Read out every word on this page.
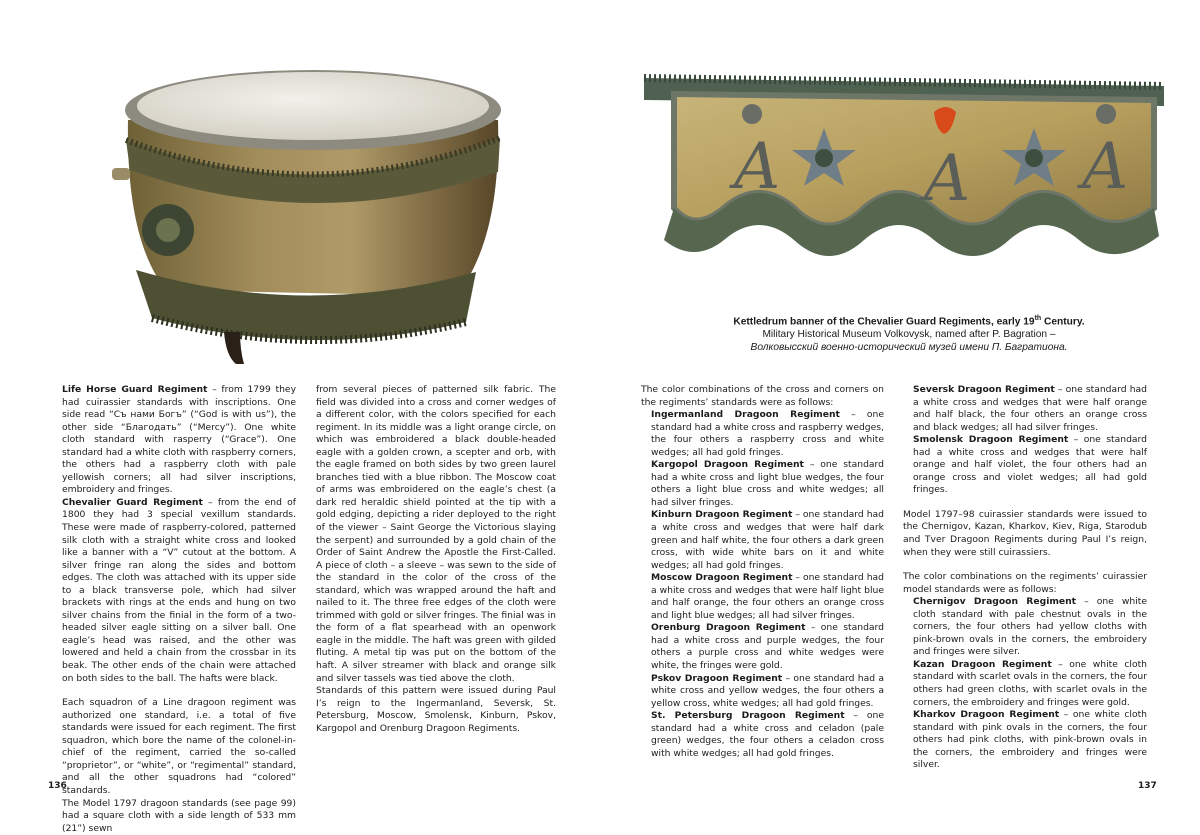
Life Horse Guard Regiment – from 1799 they had cuirassier standards with inscriptions. One side read “Съ нами Богъ” (“God is with us”), the other side “Благодать” (“Mercy”). One white cloth standard with rasperry (“Grace”). One standard had a white cloth with raspberry corners, the others had a raspberry cloth with pale yellowish corners; all had silver inscriptions, embroidery and fringes.

Chevalier Guard Regiment – from the end of 1800 they had 3 special vexillum standards. These were made of raspberry-colored, patterned silk cloth with a straight white cross and looked like a banner with a “V” cutout at the bottom. A silver fringe ran along the sides and bottom edges. The cloth was attached with its upper side to a black transverse pole, which had silver brackets with rings at the ends and hung on two silver chains from the finial in the form of a two-headed silver eagle sitting on a silver ball. One eagle’s head was raised, and the other was lowered and held a chain from the crossbar in its beak. The other ends of the chain were attached on both sides to the ball. The hafts were black.

Each squadron of a Line dragoon regiment was authorized one standard, i.e. a total of five standards were issued for each regiment. The first squadron, which bore the name of the colonel-in-chief of the regiment, carried the so-called “proprietor”, or “white”, or “regimental” standard, and all the other squadrons had “colored” standards.

The Model 1797 dragoon standards (see page 99) had a square cloth with a side length of 533 mm (21”) sewn

from several pieces of patterned silk fabric. The field was divided into a cross and corner wedges of a different color, with the colors specified for each regiment. In its middle was a light orange circle, on which was embroidered a black double-headed eagle with a golden crown, a scepter and orb, with the eagle framed on both sides by two green laurel branches tied with a blue ribbon. The Moscow coat of arms was embroidered on the eagle’s chest (a dark red heraldic shield pointed at the tip with a gold edging, depicting a rider deployed to the right of the viewer – Saint George the Victorious slaying the serpent) and surrounded by a gold chain of the Order of Saint Andrew the Apostle the First-Called. A piece of cloth – a sleeve – was sewn to the side of the standard in the color of the cross of the standard, which was wrapped around the haft and nailed to it. The three free edges of the cloth were trimmed with gold or silver fringes. The finial was in the form of a flat spearhead with an openwork eagle in the middle. The haft was green with gilded fluting. A metal tip was put on the bottom of the haft. A silver streamer with black and orange silk and silver tassels was tied above the cloth.

Standards of this pattern were issued during Paul I’s reign to the Ingermanland, Seversk, St. Petersburg, Moscow, Smolensk, Kinburn, Pskov, Kargopol and Orenburg Dragoon Regiments.

136
A A A
Kettledrum banner of the Chevalier Guard Regiments, early 19th Century.
Military Historical Museum Volkovysk, named after P. Bagration –
Волковысский военно-исторический музей имени П. Багратиона.

The color combinations of the cross and corners on the regiments’ standards were as follows:

Ingermanland Dragoon Regiment – one standard had a white cross and raspberry wedges, the four others a raspberry cross and white wedges; all had gold fringes.

Kargopol Dragoon Regiment – one standard had a white cross and light blue wedges, the four others a light blue cross and white wedges; all had silver fringes.

Kinburn Dragoon Regiment – one standard had a white cross and wedges that were half dark green and half white, the four others a dark green cross, with wide white bars on it and white wedges; all had gold fringes.

Moscow Dragoon Regiment – one standard had a white cross and wedges that were half light blue and half orange, the four others an orange cross and light blue wedges; all had silver fringes.

Orenburg Dragoon Regiment – one standard had a white cross and purple wedges, the four others a purple cross and white wedges were white, the fringes were gold.

Pskov Dragoon Regiment – one standard had a white cross and yellow wedges, the four others a yellow cross, white wedges; all had gold fringes.

St. Petersburg Dragoon Regiment – one standard had a white cross and celadon (pale green) wedges, the four others a celadon cross with white wedges; all had gold fringes.

Seversk Dragoon Regiment – one standard had a white cross and wedges that were half orange and half black, the four others an orange cross and black wedges; all had silver fringes.

Smolensk Dragoon Regiment – one standard had a white cross and wedges that were half orange and half violet, the four others had an orange cross and violet wedges; all had gold fringes.

Model 1797–98 cuirassier standards were issued to the Chernigov, Kazan, Kharkov, Kiev, Riga, Starodub and Tver Dragoon Regiments during Paul I’s reign, when they were still cuirassiers.

The color combinations on the regiments’ cuirassier model standards were as follows:

Chernigov Dragoon Regiment – one white cloth standard with pale chestnut ovals in the corners, the four others had yellow cloths with pink-brown ovals in the corners, the embroidery and fringes were silver.

Kazan Dragoon Regiment – one white cloth standard with scarlet ovals in the corners, the four others had green cloths, with scarlet ovals in the corners, the embroidery and fringes were gold.

Kharkov Dragoon Regiment – one white cloth standard with pink ovals in the corners, the four others had pink cloths, with pink-brown ovals in the corners, the embroidery and fringes were silver.

137
